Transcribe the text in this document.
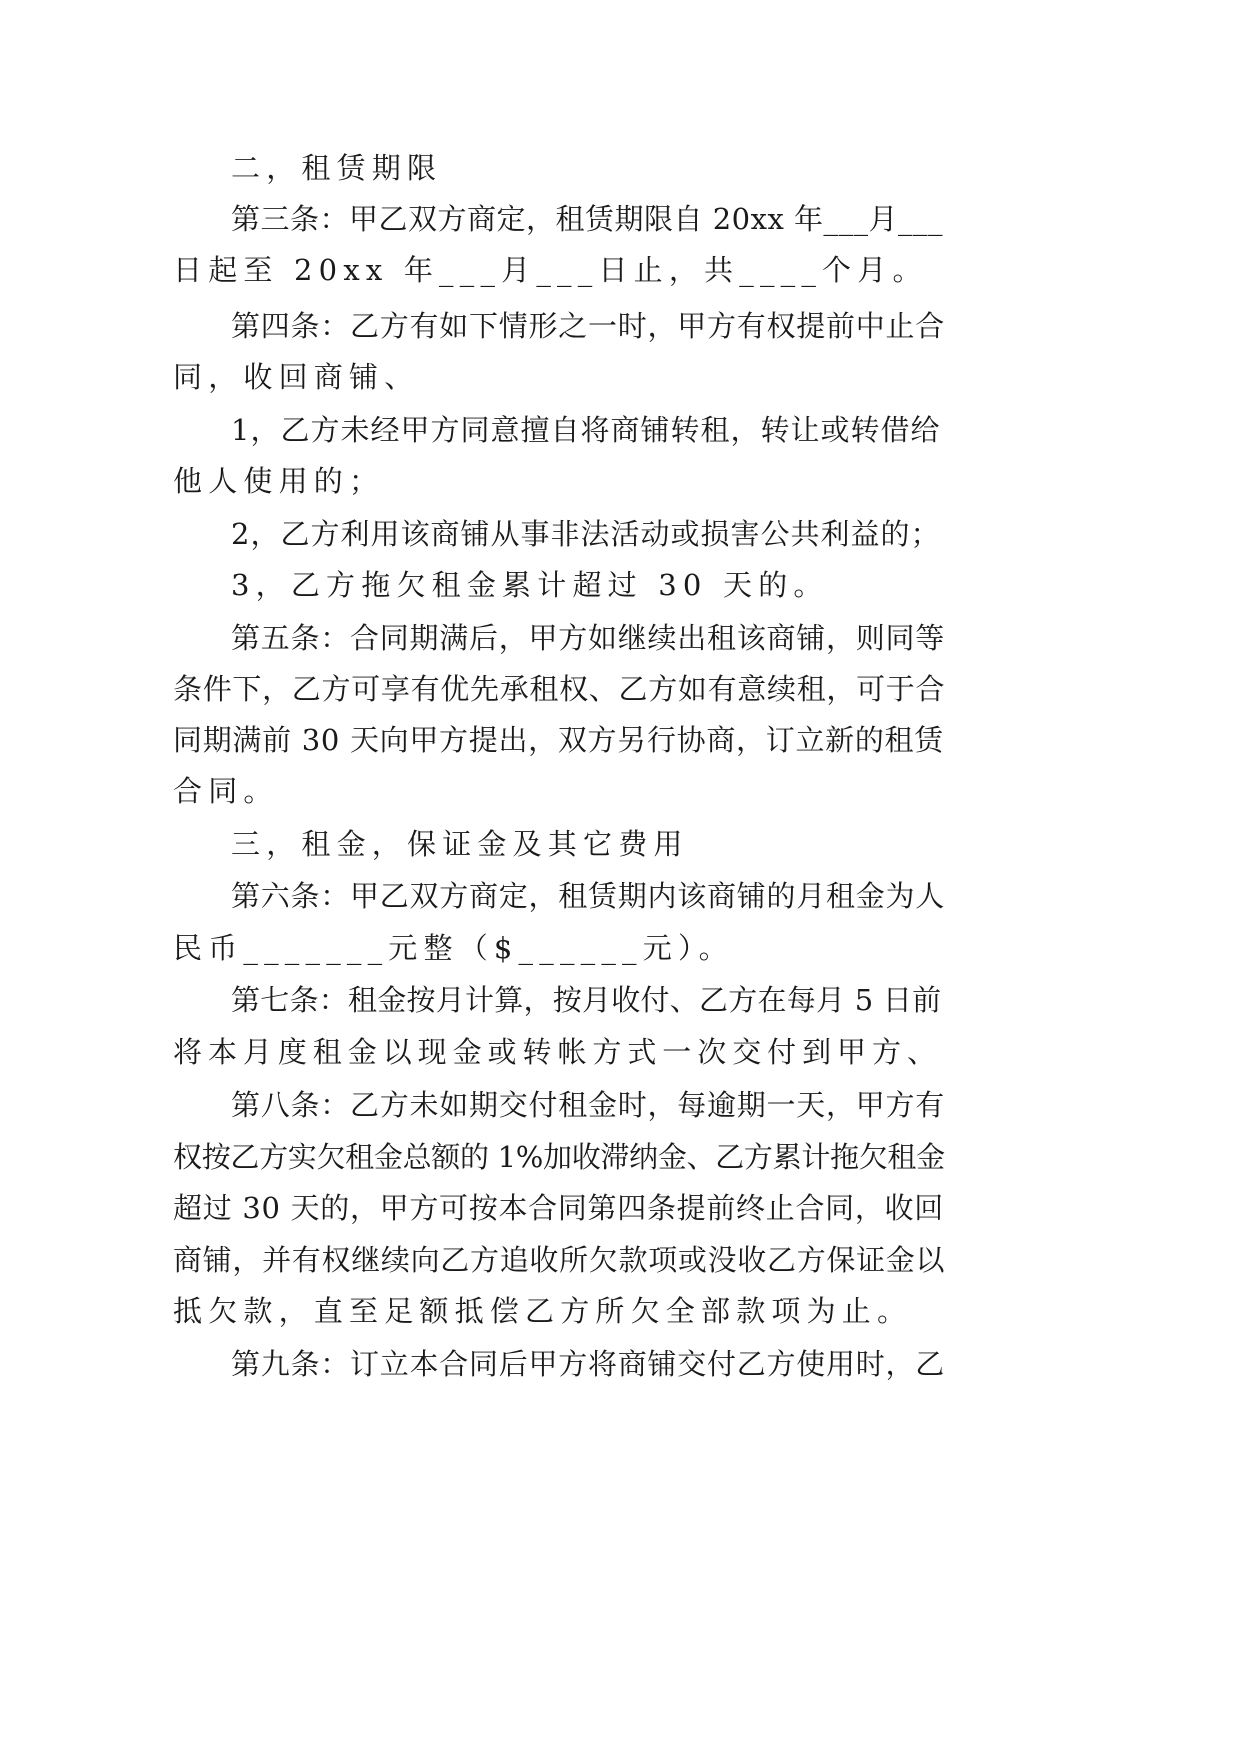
二，租赁期限
第三条：甲乙双方商定，租赁期限自 20xx 年___月___
日起至 20xx 年___月___日止，共____个月。
第四条：乙方有如下情形之一时，甲方有权提前中止合
同，收回商铺、
1，乙方未经甲方同意擅自将商铺转租，转让或转借给
他人使用的；
2，乙方利用该商铺从事非法活动或损害公共利益的；
3，乙方拖欠租金累计超过 30 天的。
第五条：合同期满后，甲方如继续出租该商铺，则同等
条件下，乙方可享有优先承租权、乙方如有意续租，可于合
同期满前 30 天向甲方提出，双方另行协商，订立新的租赁
合同。
三，租金，保证金及其它费用
第六条：甲乙双方商定，租赁期内该商铺的月租金为人
民币_______元整（$______元）。
第七条：租金按月计算，按月收付、乙方在每月 5 日前
将本月度租金以现金或转帐方式一次交付到甲方、
第八条：乙方未如期交付租金时，每逾期一天，甲方有
权按乙方实欠租金总额的 1%加收滞纳金、乙方累计拖欠租金
超过 30 天的，甲方可按本合同第四条提前终止合同，收回
商铺，并有权继续向乙方追收所欠款项或没收乙方保证金以
抵欠款，直至足额抵偿乙方所欠全部款项为止。
第九条：订立本合同后甲方将商铺交付乙方使用时，乙
